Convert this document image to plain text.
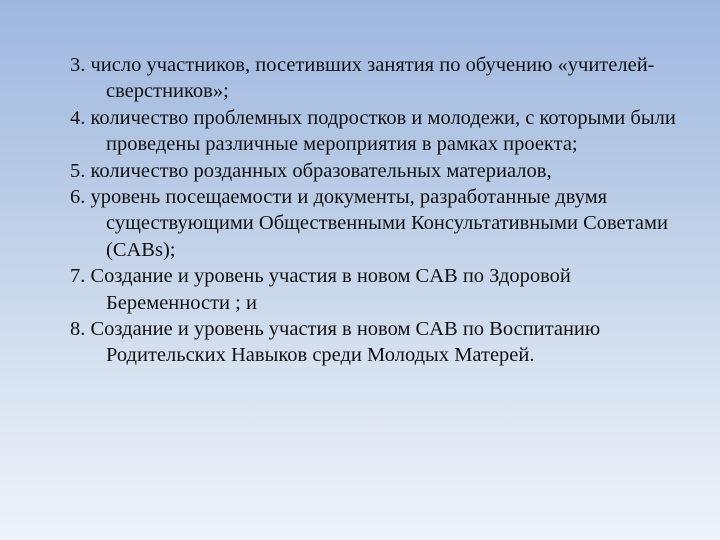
3. число участников, посетивших занятия по обучению «учителей-сверстников»;
4. количество проблемных подростков и молодежи, с которыми были проведены различные мероприятия в рамках проекта;
5. количество розданных образовательных материалов,
6. уровень посещаемости и документы, разработанные двумя существующими Общественными Консультативными Советами (CABs);
7. Создание и уровень участия в новом CAB по Здоровой Беременности ; и
8. Создание и уровень участия в новом CAB по Воспитанию Родительских Навыков среди Молодых Матерей.
